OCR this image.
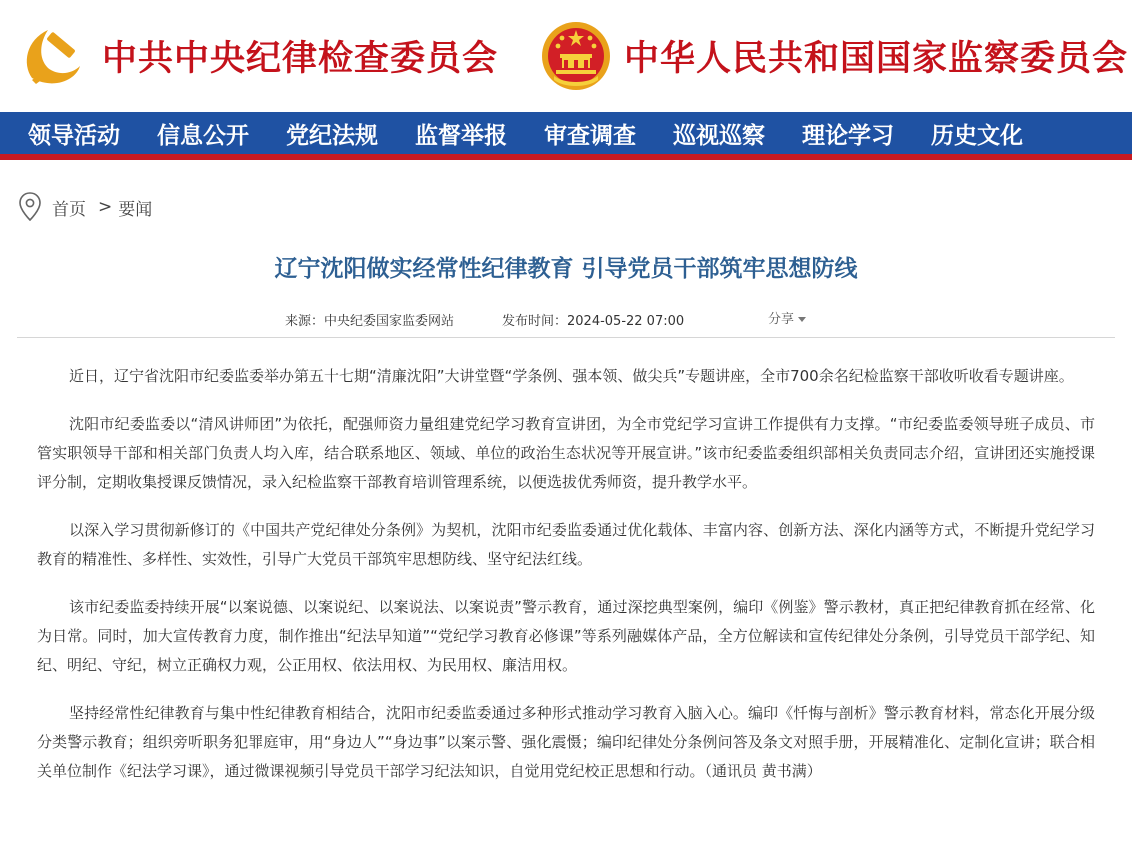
中共中央纪律检查委员会	中华人民共和国国家监察委员会
领导活动 信息公开 党纪法规 监督举报 审查调查 巡视巡察 理论学习 历史文化
首页 > 要闻
辽宁沈阳做实经常性纪律教育 引导党员干部筑牢思想防线
来源：中央纪委国家监委网站	发布时间：2024-05-22 07:00	分享

近日，辽宁省沈阳市纪委监委举办第五十七期“清廉沈阳”大讲堂暨“学条例、强本领、做尖兵”专题讲座，全市700余名纪检监察干部收听收看专题讲座。

沈阳市纪委监委以“清风讲师团”为依托，配强师资力量组建党纪学习教育宣讲团，为全市党纪学习宣讲工作提供有力支撑。“市纪委监委领导班子成员、市管实职领导干部和相关部门负责人均入库，结合联系地区、领域、单位的政治生态状况等开展宣讲。”该市纪委监委组织部相关负责同志介绍，宣讲团还实施授课评分制，定期收集授课反馈情况，录入纪检监察干部教育培训管理系统，以便选拔优秀师资，提升教学水平。

以深入学习贯彻新修订的《中国共产党纪律处分条例》为契机，沈阳市纪委监委通过优化载体、丰富内容、创新方法、深化内涵等方式，不断提升党纪学习教育的精准性、多样性、实效性，引导广大党员干部筑牢思想防线、坚守纪法红线。

该市纪委监委持续开展“以案说德、以案说纪、以案说法、以案说责”警示教育，通过深挖典型案例，编印《例鉴》警示教材，真正把纪律教育抓在经常、化为日常。同时，加大宣传教育力度，制作推出“纪法早知道”“党纪学习教育必修课”等系列融媒体产品，全方位解读和宣传纪律处分条例，引导党员干部学纪、知纪、明纪、守纪，树立正确权力观，公正用权、依法用权、为民用权、廉洁用权。

坚持经常性纪律教育与集中性纪律教育相结合，沈阳市纪委监委通过多种形式推动学习教育入脑入心。编印《忏悔与剖析》警示教育材料，常态化开展分级分类警示教育；组织旁听职务犯罪庭审，用“身边人”“身边事”以案示警、强化震慑；编印纪律处分条例问答及条文对照手册，开展精准化、定制化宣讲；联合相关单位制作《纪法学习课》，通过微课视频引导党员干部学习纪法知识，自觉用党纪校正思想和行动。（通讯员 黄书满）
